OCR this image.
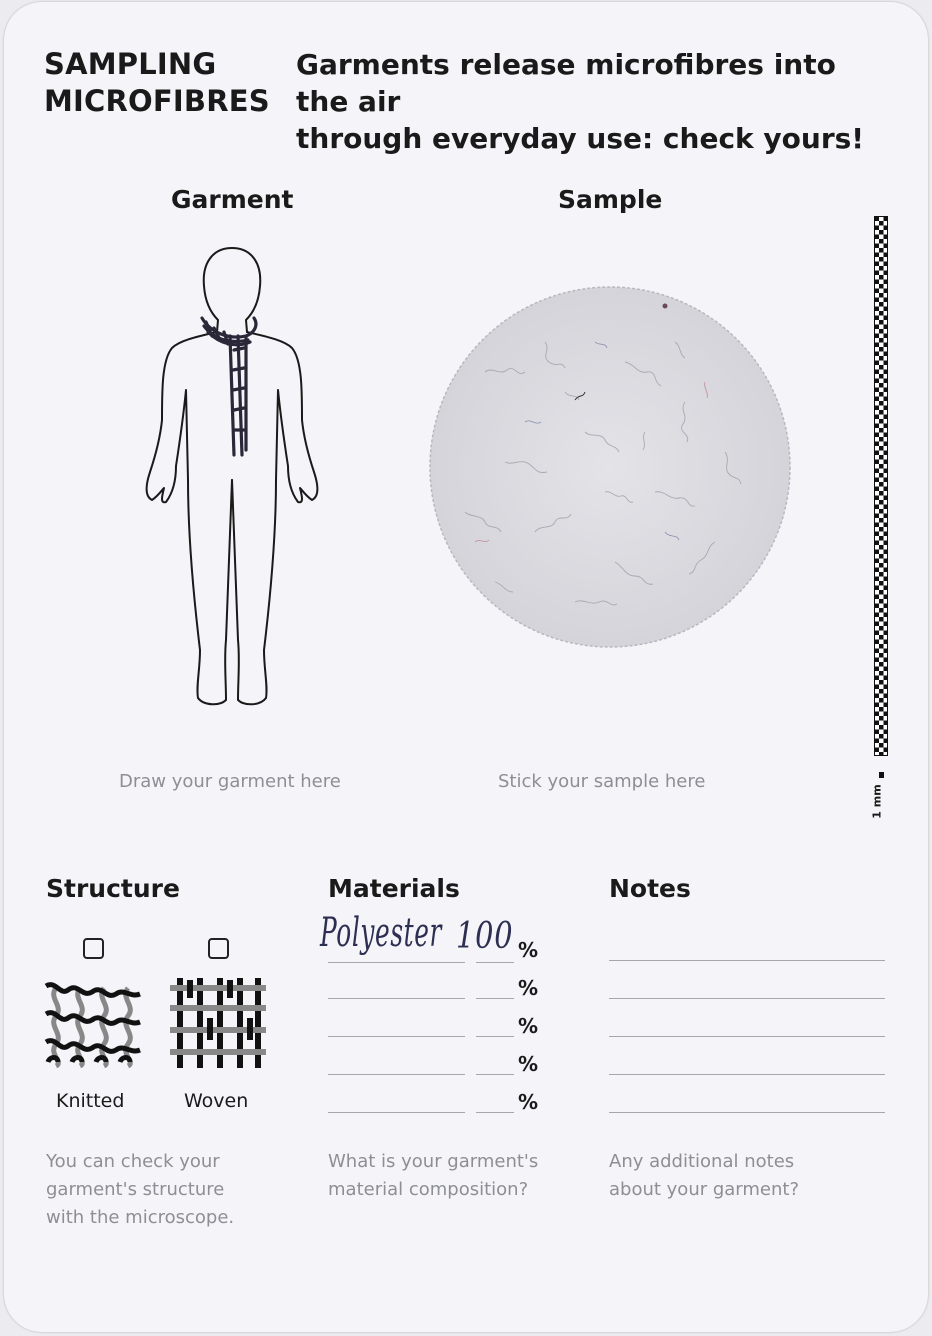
SAMPLING
MICROFIBRES
Garments release microfibres into the air
through everyday use: check yours!
Garment
Draw your garment here
Sample
Stick your sample here
1 mm
Structure
Knitted	Woven
You can check your
garment's structure
with the microscope.
Materials
Polyester 100 %
%
%
%
%
What is your garment's
material composition?
Notes
Any additional notes
about your garment?
